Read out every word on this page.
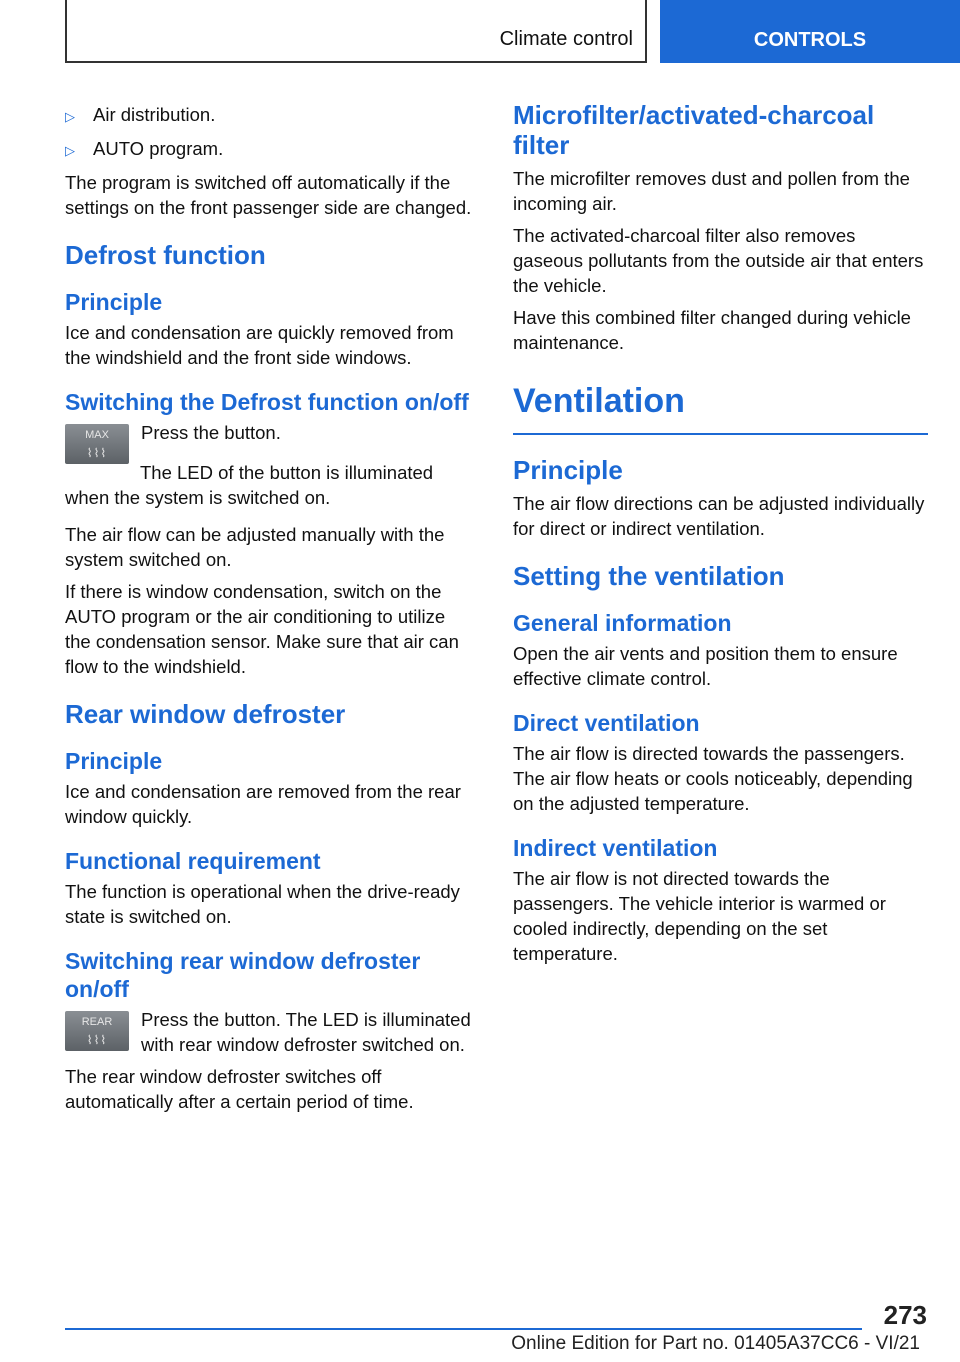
Climate control	CONTROLS
▷ Air distribution.
▷ AUTO program.

The program is switched off automatically if the settings on the front passenger side are changed.

Defrost function
Principle

Ice and condensation are quickly removed from the windshield and the front side windows.

Switching the Defrost function on/off
MAX
⌇⌇⌇

Press the button.

The LED of the button is illuminated when the system is switched on.

The air flow can be adjusted manually with the system switched on.

If there is window condensation, switch on the AUTO program or the air conditioning to utilize the condensation sensor. Make sure that air can flow to the windshield.

Rear window defroster
Principle

Ice and condensation are removed from the rear window quickly.

Functional requirement

The function is operational when the drive-ready state is switched on.

Switching rear window defroster on/off
REAR
⌇⌇⌇

Press the button. The LED is illuminated with rear window defroster switched on.

The rear window defroster switches off automatically after a certain period of time.

Microfilter/activated-charcoal filter

The microfilter removes dust and pollen from the incoming air.

The activated-charcoal filter also removes gaseous pollutants from the outside air that enters the vehicle.

Have this combined filter changed during vehicle maintenance.

Ventilation
Principle

The air flow directions can be adjusted individually for direct or indirect ventilation.

Setting the ventilation
General information

Open the air vents and position them to ensure effective climate control.

Direct ventilation

The air flow is directed towards the passengers. The air flow heats or cools noticeably, depending on the adjusted temperature.

Indirect ventilation

The air flow is not directed towards the passengers. The vehicle interior is warmed or cooled indirectly, depending on the set temperature.

273
Online Edition for Part no. 01405A37CC6 - VI/21
